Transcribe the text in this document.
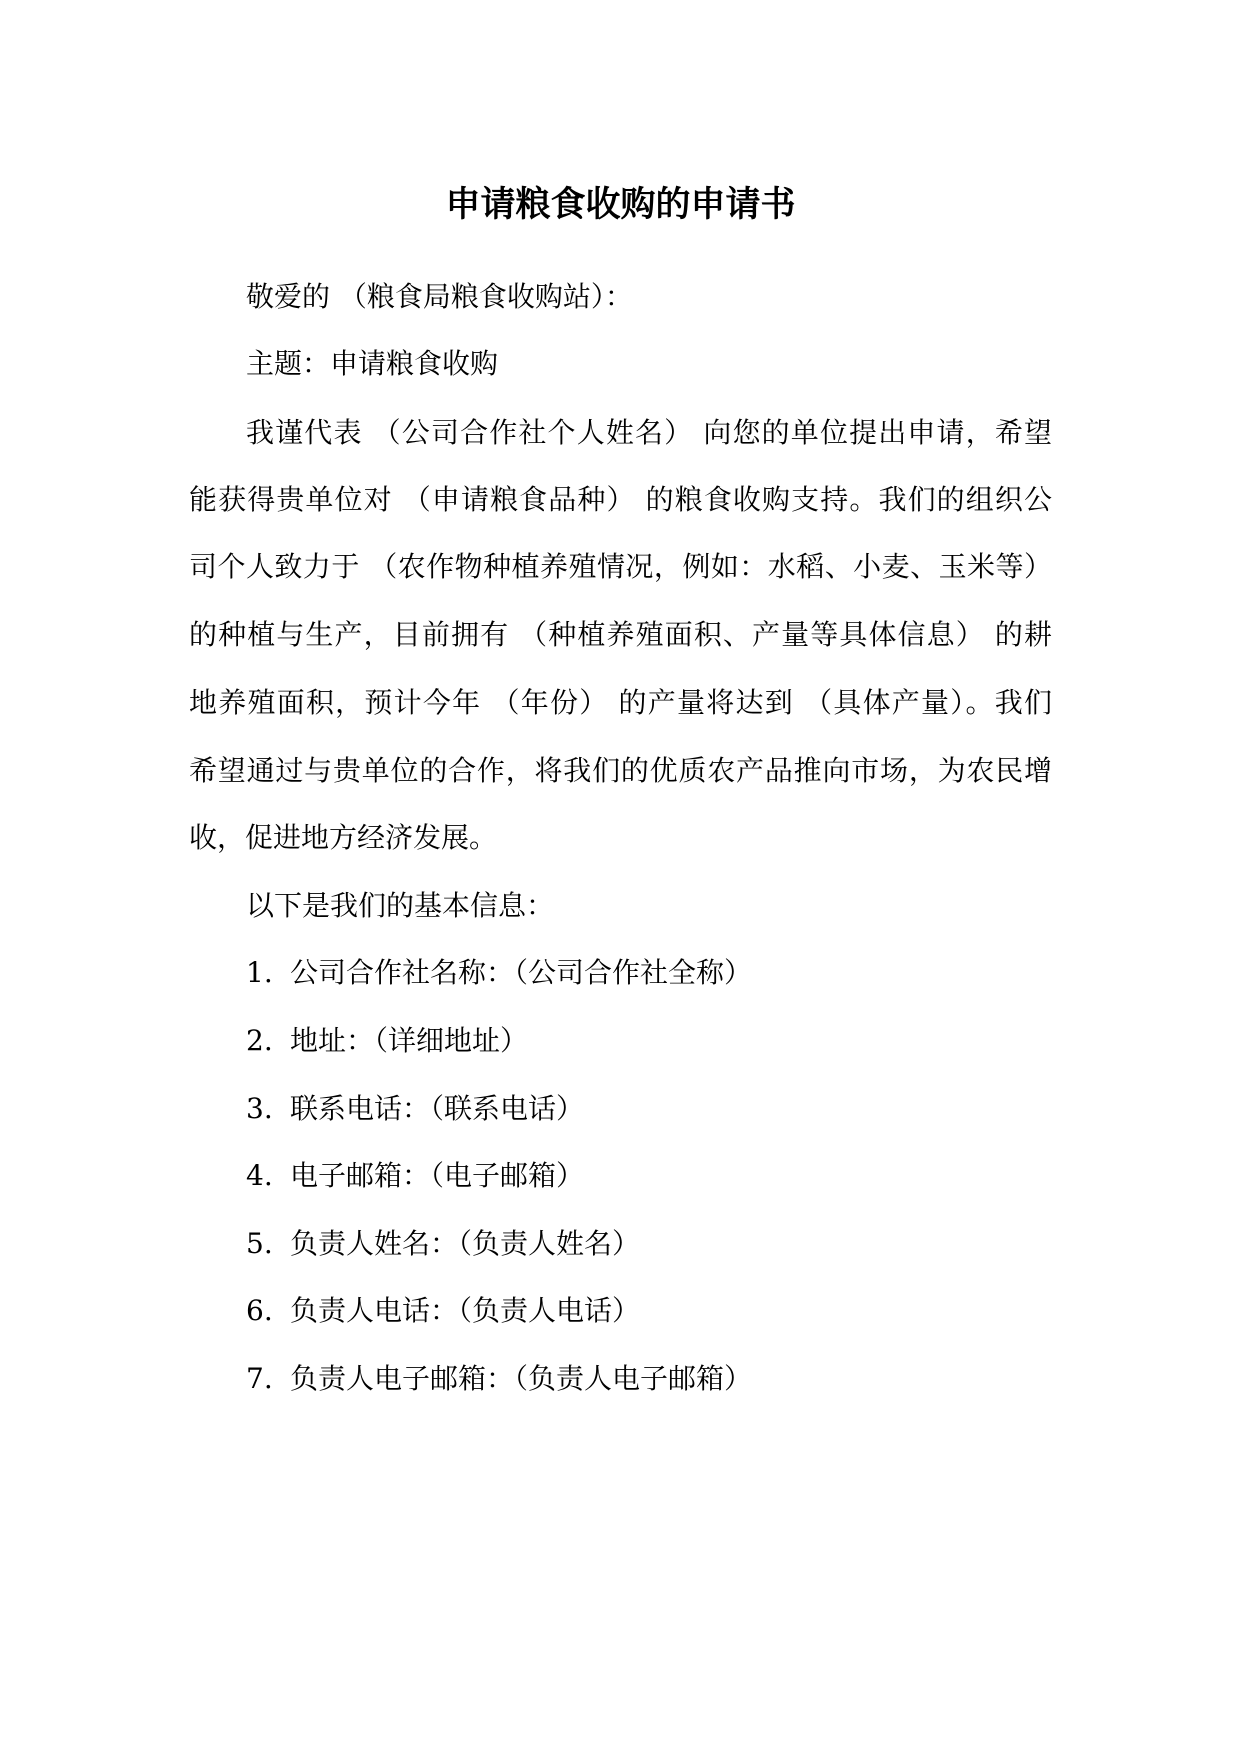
申请粮食收购的申请书

敬爱的 （粮食局粮食收购站）：

主题：申请粮食收购

我谨代表 （公司合作社个人姓名） 向您的单位提出申请，希望

能获得贵单位对 （申请粮食品种） 的粮食收购支持。我们的组织公

司个人致力于 （农作物种植养殖情况，例如：水稻、小麦、玉米等）

的种植与生产，目前拥有 （种植养殖面积、产量等具体信息） 的耕

地养殖面积，预计今年 （年份） 的产量将达到 （具体产量）。我们

希望通过与贵单位的合作，将我们的优质农产品推向市场，为农民增

收，促进地方经济发展。

以下是我们的基本信息：

1. 公司合作社名称：（公司合作社全称）

2. 地址：（详细地址）

3. 联系电话：（联系电话）

4. 电子邮箱：（电子邮箱）

5. 负责人姓名：（负责人姓名）

6. 负责人电话：（负责人电话）

7. 负责人电子邮箱：（负责人电子邮箱）
